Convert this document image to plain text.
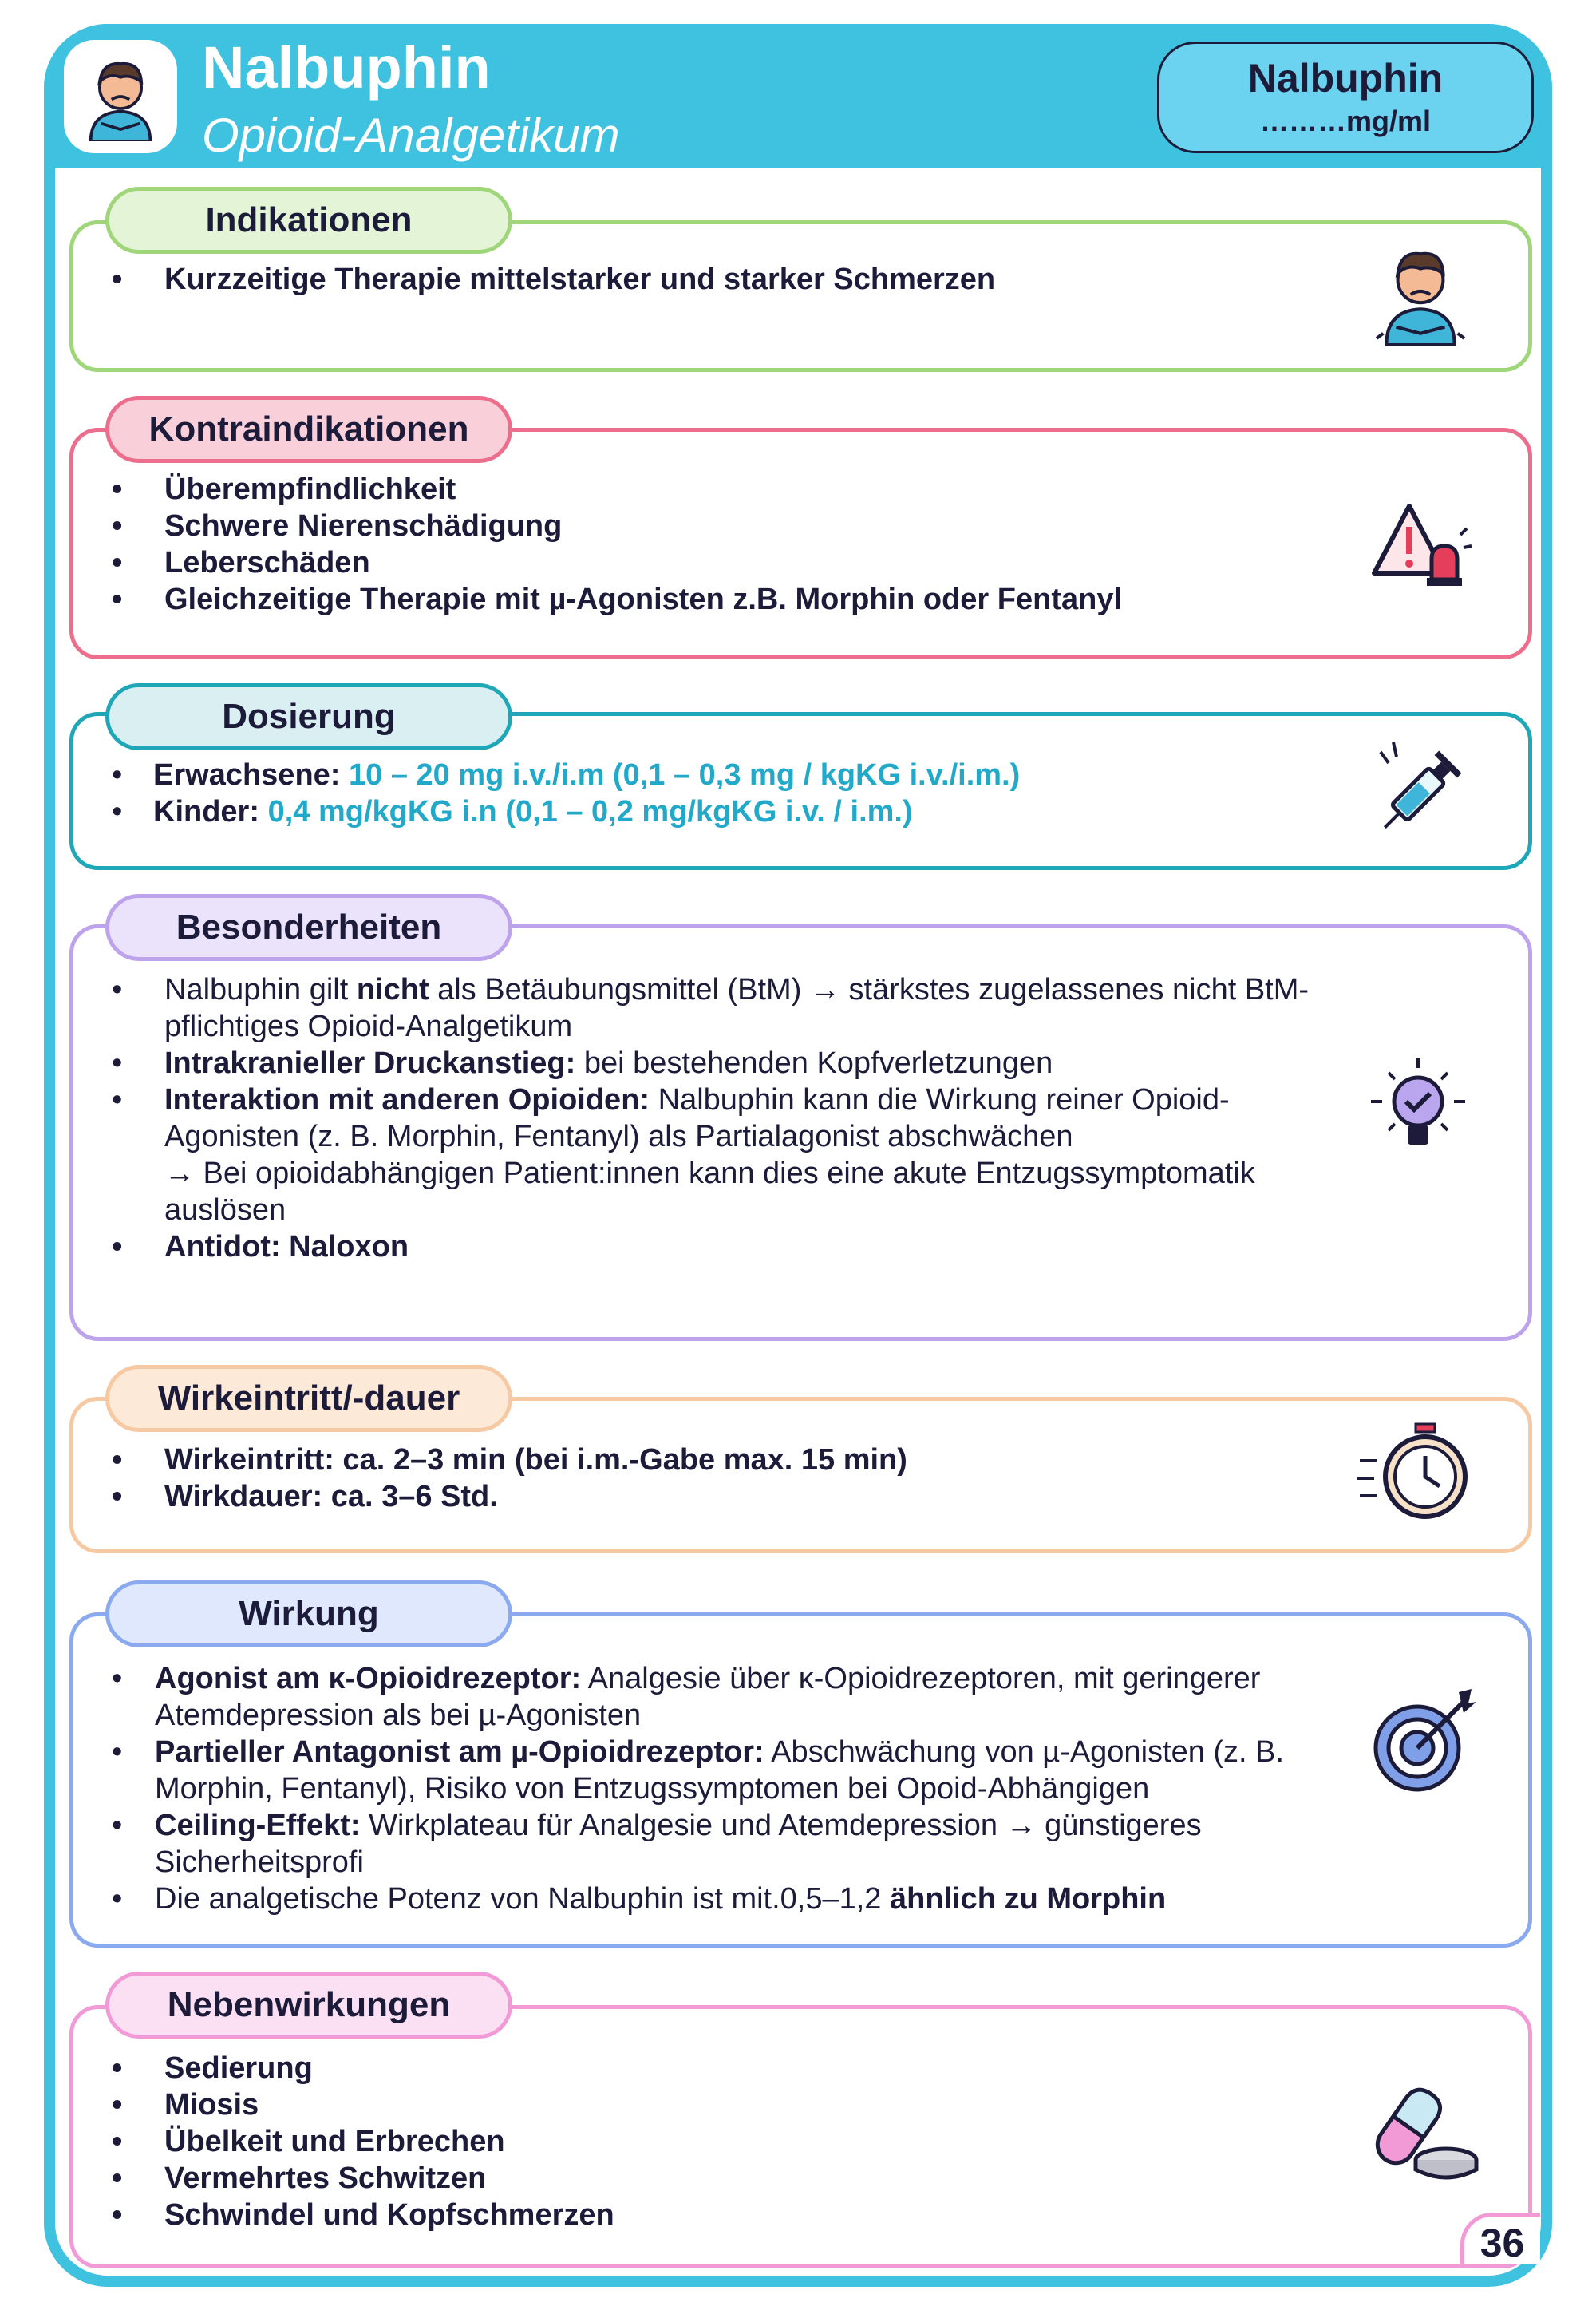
Nalbuphin
Opioid-Analgetikum
Nalbuphin
………mg/ml
Indikationen
• Kurzzeitige Therapie mittelstarker und starker Schmerzen
Kontraindikationen
• Überempfindlichkeit
• Schwere Nierenschädigung
• Leberschäden
• Gleichzeitige Therapie mit µ-Agonisten z.B. Morphin oder Fentanyl
Dosierung
• Erwachsene: 10 – 20 mg i.v./i.m (0,1 – 0,3 mg / kgKG i.v./i.m.)
• Kinder: 0,4 mg/kgKG i.n (0,1 – 0,2 mg/kgKG i.v. / i.m.)
Besonderheiten
• Nalbuphin gilt nicht als Betäubungsmittel (BtM) → stärkstes zugelassenes nicht BtM-pflichtiges Opioid-Analgetikum
• Intrakranieller Druckanstieg: bei bestehenden Kopfverletzungen
• Interaktion mit anderen Opioiden: Nalbuphin kann die Wirkung reiner Opioid-Agonisten (z. B. Morphin, Fentanyl) als Partialagonist abschwächen
→ Bei opioidabhängigen Patient:innen kann dies eine akute Entzugssymptomatik auslösen
• Antidot: Naloxon
Wirkeintritt/-dauer
• Wirkeintritt: ca. 2–3 min (bei i.m.-Gabe max. 15 min)
• Wirkdauer: ca. 3–6 Std.
Wirkung
• Agonist am κ-Opioidrezeptor: Analgesie über κ-Opioidrezeptoren, mit geringerer Atemdepression als bei µ-Agonisten
• Partieller Antagonist am µ-Opioidrezeptor: Abschwächung von µ-Agonisten (z. B. Morphin, Fentanyl), Risiko von Entzugssymptomen bei Opoid-Abhängigen
• Ceiling-Effekt: Wirkplateau für Analgesie und Atemdepression → günstigeres Sicherheitsprofi
• Die analgetische Potenz von Nalbuphin ist mit.0,5–1,2 ähnlich zu Morphin
Nebenwirkungen
• Sedierung
• Miosis
• Übelkeit und Erbrechen
• Vermehrtes Schwitzen
• Schwindel und Kopfschmerzen
36
